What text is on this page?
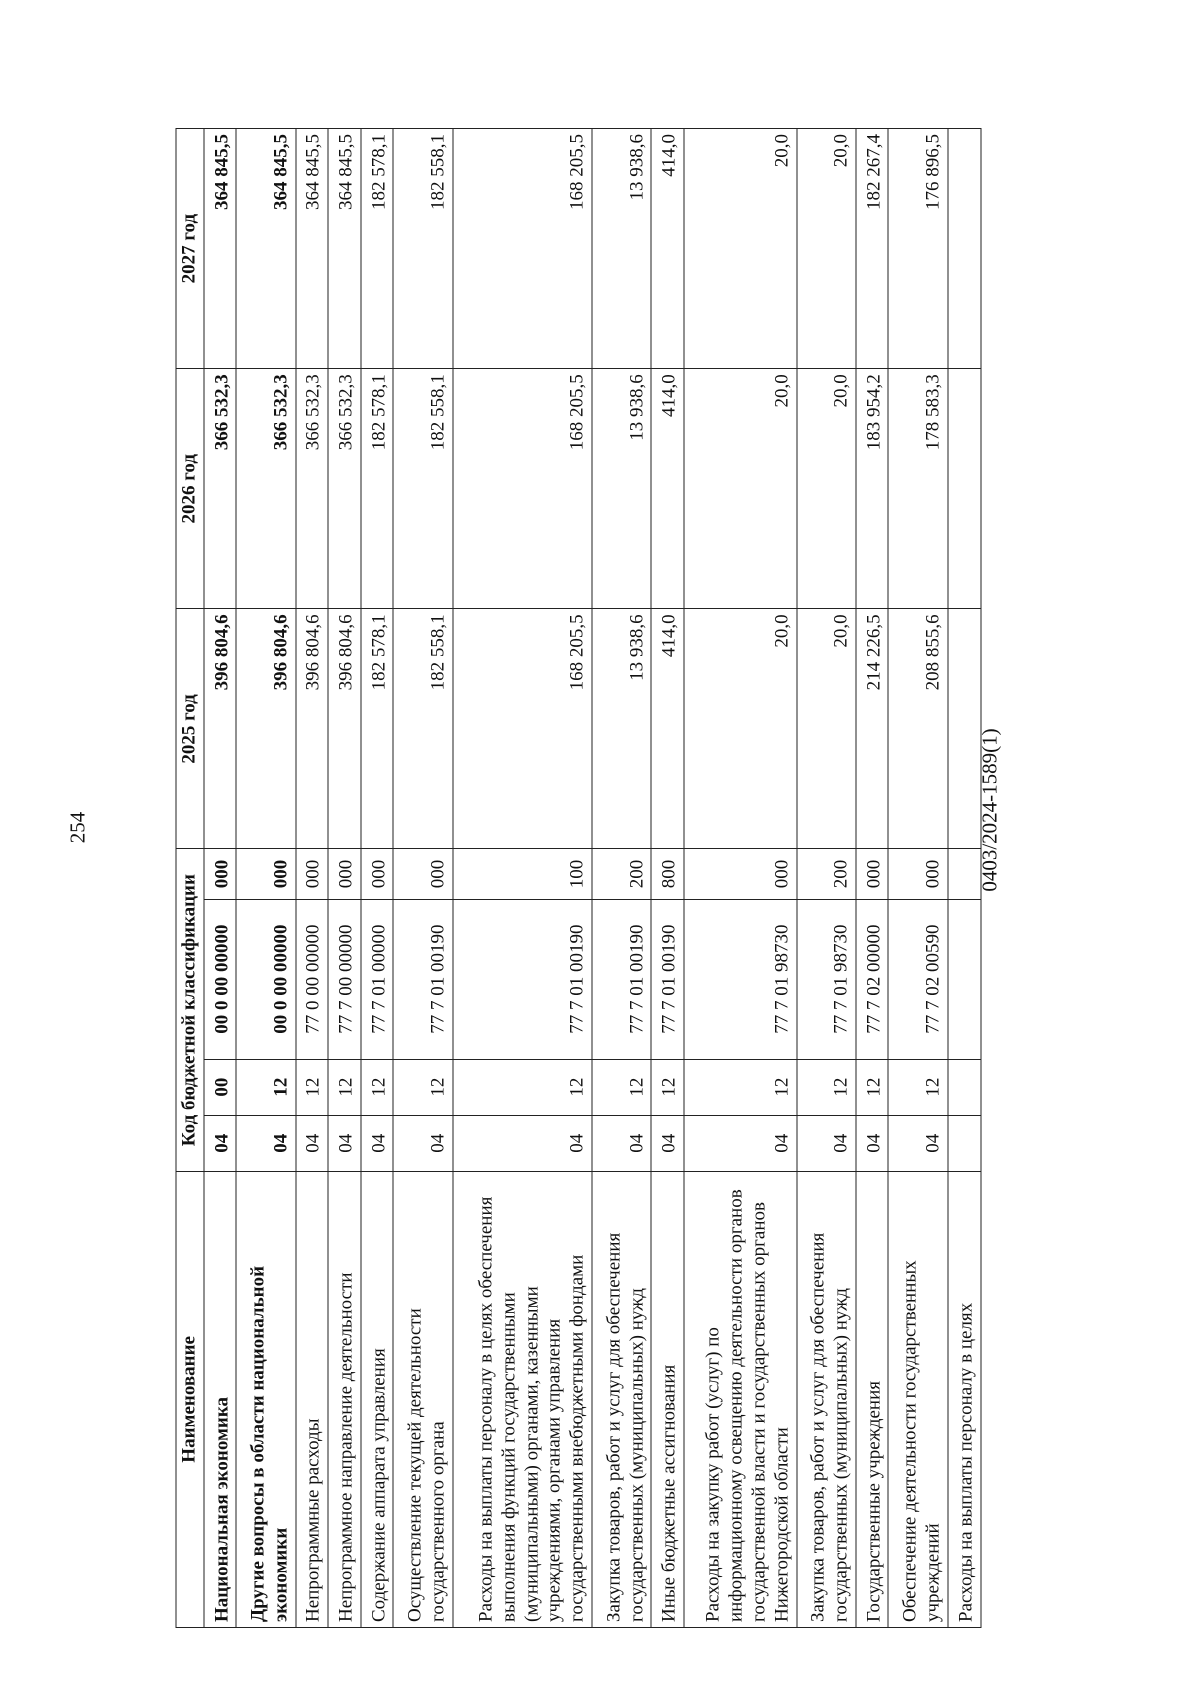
254	0403/2024-1589(1)
Наименование	Код бюджетной классификации				2025 год	2026 год	2027 год

Национальная экономика	04	00	00 0 00 00000	000	396 804,6	366 532,3	364 845,5
Другие вопросы в области национальной экономики	04	12	00 0 00 00000	000	396 804,6	366 532,3	364 845,5
Непрограммные расходы	04	12	77 0 00 00000	000	396 804,6	366 532,3	364 845,5
Непрограммное направление деятельности	04	12	77 7 00 00000	000	396 804,6	366 532,3	364 845,5
Содержание аппарата управления	04	12	77 7 01 00000	000	182 578,1	182 578,1	182 578,1
Осуществление текущей деятельности государственного органа	04	12	77 7 01 00190	000	182 558,1	182 558,1	182 558,1
Расходы на выплаты персоналу в целях обеспечения выполнения функций государственными (муниципальными) органами, казенными учреждениями, органами управления государственными внебюджетными фондами	04	12	77 7 01 00190	100	168 205,5	168 205,5	168 205,5
Закупка товаров, работ и услуг для обеспечения государственных (муниципальных) нужд	04	12	77 7 01 00190	200	13 938,6	13 938,6	13 938,6
Иные бюджетные ассигнования	04	12	77 7 01 00190	800	414,0	414,0	414,0
Расходы на закупку работ (услуг) по информационному освещению деятельности органов государственной власти и государственных органов Нижегородской области	04	12	77 7 01 98730	000	20,0	20,0	20,0
Закупка товаров, работ и услуг для обеспечения государственных (муниципальных) нужд	04	12	77 7 01 98730	200	20,0	20,0	20,0
Государственные учреждения	04	12	77 7 02 00000	000	214 226,5	183 954,2	182 267,4
Обеспечение деятельности государственных учреждений	04	12	77 7 02 00590	000	208 855,6	178 583,3	176 896,5
Расходы на выплаты персоналу в целях							
